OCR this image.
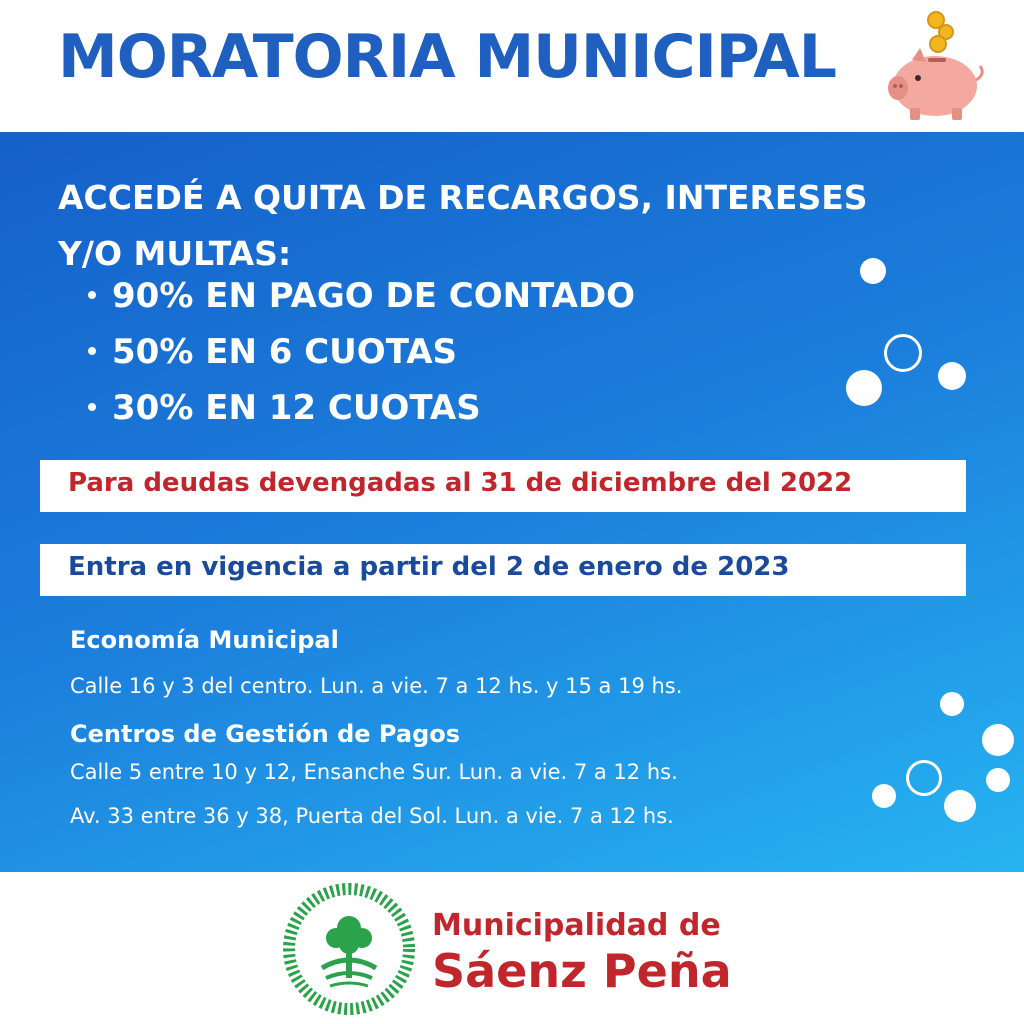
MORATORIA MUNICIPAL
ACCEDÉ A QUITA DE RECARGOS, INTERESES
Y/O MULTAS:
90% EN PAGO DE CONTADO
50% EN 6 CUOTAS
30% EN 12 CUOTAS
Para deudas devengadas al 31 de diciembre del 2022
Entra en vigencia a partir del 2 de enero de 2023
Economía Municipal
Calle 16 y 3 del centro. Lun. a vie. 7 a 12 hs. y 15 a 19 hs.
Centros de Gestión de Pagos
Calle 5 entre 10 y 12, Ensanche Sur. Lun. a vie. 7 a 12 hs.
Av. 33 entre 36 y 38, Puerta del Sol. Lun. a vie. 7 a 12 hs.
Municipalidad de
Sáenz Peña
